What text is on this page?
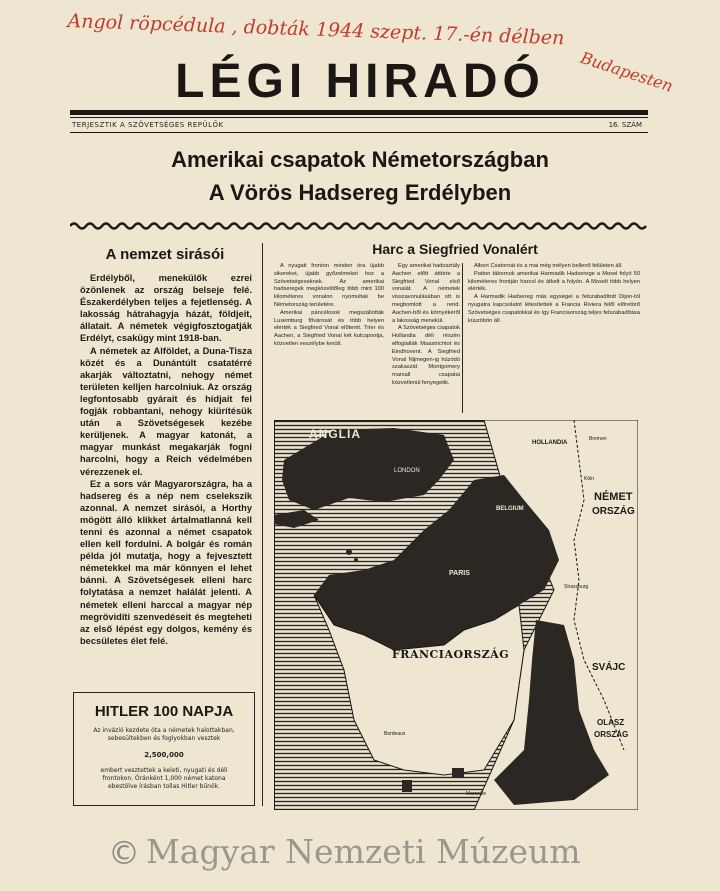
Angol röpcédula , dobták 1944 szept. 17.-én délben
Budapesten
LÉGI HIRADÓ
TERJESZTIK A SZÖVETSÉGES REPÜLŐK	16. SZÁM
Amerikai csapatok Németországban
A Vörös Hadsereg Erdélyben
A nemzet sirásói

Erdélyből, menekülők ezrei özönlenek az ország belseje felé. Északerdélyben teljes a fejetlenség. A lakosság hátrahagyja házát, földjeit, állatait. A németek végigfosztogatják Erdélyt, csakügy mint 1918-ban.

A németek az Alföldet, a Duna-Tisza közét és a Dunántúlt csatatérré akarják változtatni, nehogy német területen kelljen harcolniuk. Az ország legfontosabb gyárait és hídjait fel fogják robbantani, nehogy kiürítésük után a Szövetségesek kezébe kerüljenek. A magyar katonát, a magyar munkást megakarják fogni harcolni, hogy a Reich védelmében vérezzenek el.

Ez a sors vár Magyarországra, ha a hadsereg és a nép nem cselekszik azonnal. A nemzet sirásói, a Horthy mögött álló klikket ártalmatlanná kell tenni és azonnal a német csapatok ellen kell fordulni. A bolgár és román példa jól mutatja, hogy a fejvesztett németekkel ma már könnyen el lehet bánni. A Szövetségesek elleni harc folytatása a nemzet halálát jelenti. A németek elleni harccal a magyar nép megrövidíti szenvedéseit és megteheti az első lépést egy dolgos, kemény és becsületes élet felé.

HITLER 100 NAPJA
Az invázió kezdete óta a németek halottakban, sebesültekben és foglyokban vesztek
2,500,000
embert vesztettek a keleti, nyugati és déli frontokon. Óránként 1,000 német katona ebestölve írásban tollas Hitler bűnök.
Harc a Siegfried Vonalért

A nyugati fronton minden óra újabb sikereket, újabb győzelmeket hoz a Szövetségeseknek. Az amerikai hadseregek megközelítőleg több mint 100 kilométeres vonalon nyomultak be Németország területére.

Amerikai páncélosok megszállották Luxemburg fővárosát és több helyen elérték a Siegfried Vonal előterét. Trier és Aachen, a Siegfried Vonal két kulcspontja, közvetlen veszélybe került.

Egy amerikai hadosztály Aachen előtt áttörte a Siegfried Vonal első vonalát. A németek visszavonulásában ott is megbomlott a rend. Aachen-ből és környékéről a lakosság menekül.

A Szövetséges csapatok Hollandia déli részén elfoglalták Maastrichtot és Eindhovent. A Siegfried Vonal Nijmegen-ig húzódó szakaszát Montgomery marsall csapatai közvetlenül fenyegetik.

Albert Csatornát és a mai még mélyen bellenő felületen áll.

Patton tábornok amerikai Harmadik Hadserege a Mosel folyó 50 kilométeres frontján harcol és átkelt a folyón. A Moselt több helyen elérték.

A Harmadik Hadsereg más egységei a felszabadított Dijon-tól nyugatra kapcsolatot létesítettek a Francia Riviera felől előretörő Szövetséges csapatokkal és így Franciaország teljes felszabadítása küszöbön áll.

ANGLIA
LONDON
HOLLANDIA
Bremen
BELGIUM
Köln
NÉMET
ORSZÁG
PARIS
Strassburg
FRANCIAORSZÁG
SVÁJC
OLASZ
ORSZÁG
Bordeaux
Marseille
© Magyar Nemzeti Múzeum
